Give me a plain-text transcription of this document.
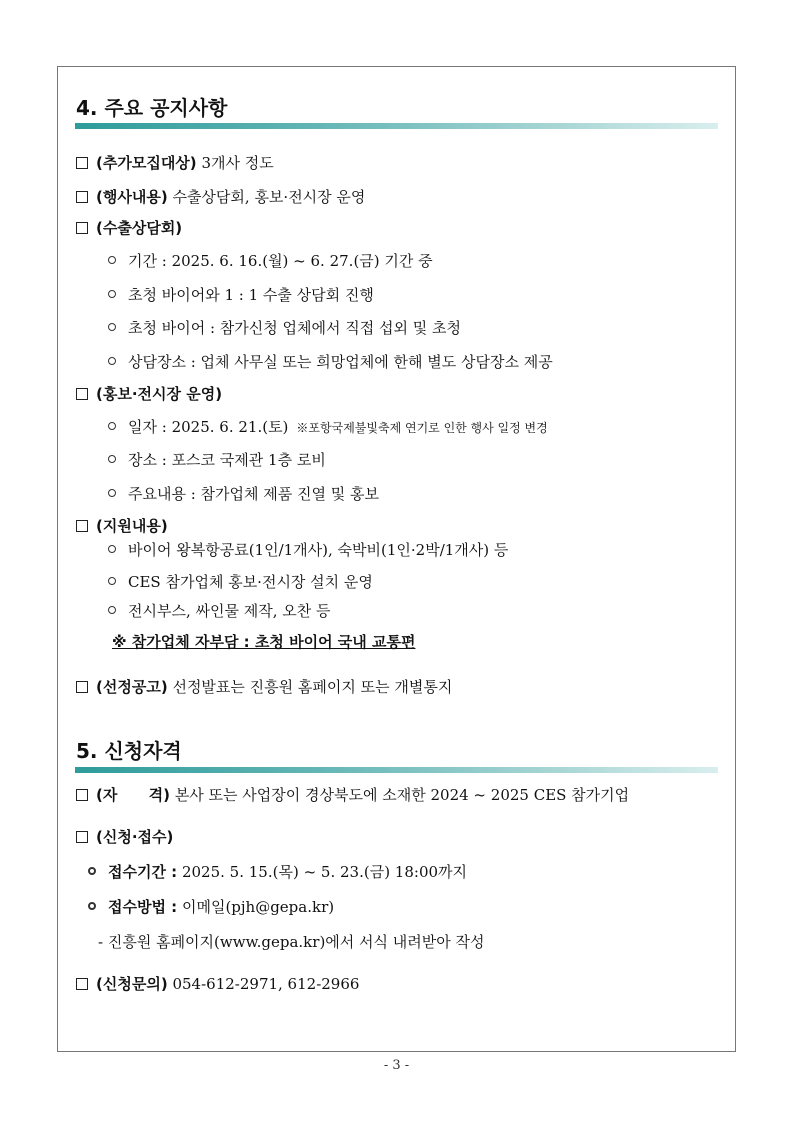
4. 주요 공지사항
(추가모집대상) 3개사 정도
(행사내용) 수출상담회, 홍보·전시장 운영
(수출상담회)
기간 : 2025. 6. 16.(월) ~ 6. 27.(금) 기간 중
초청 바이어와 1 : 1 수출 상담회 진행
초청 바이어 : 참가신청 업체에서 직접 섭외 및 초청
상담장소 : 업체 사무실 또는 희망업체에 한해 별도 상담장소 제공
(홍보·전시장 운영)
일자 : 2025. 6. 21.(토) ※포항국제불빛축제 연기로 인한 행사 일정 변경
장소 : 포스코 국제관 1층 로비
주요내용 : 참가업체 제품 진열 및 홍보
(지원내용)
바이어 왕복항공료(1인/1개사), 숙박비(1인·2박/1개사) 등
CES 참가업체 홍보·전시장 설치 운영
전시부스, 싸인물 제작, 오찬 등
※ 참가업체 자부담 : 초청 바이어 국내 교통편
(선정공고) 선정발표는 진흥원 홈페이지 또는 개별통지
5. 신청자격
(자      격) 본사 또는 사업장이 경상북도에 소재한 2024 ~ 2025 CES 참가기업
(신청·접수)
접수기간 : 2025. 5. 15.(목) ~ 5. 23.(금) 18:00까지
접수방법 : 이메일(pjh@gepa.kr)
- 진흥원 홈페이지(www.gepa.kr)에서 서식 내려받아 작성
(신청문의) 054-612-2971, 612-2966
- 3 -
